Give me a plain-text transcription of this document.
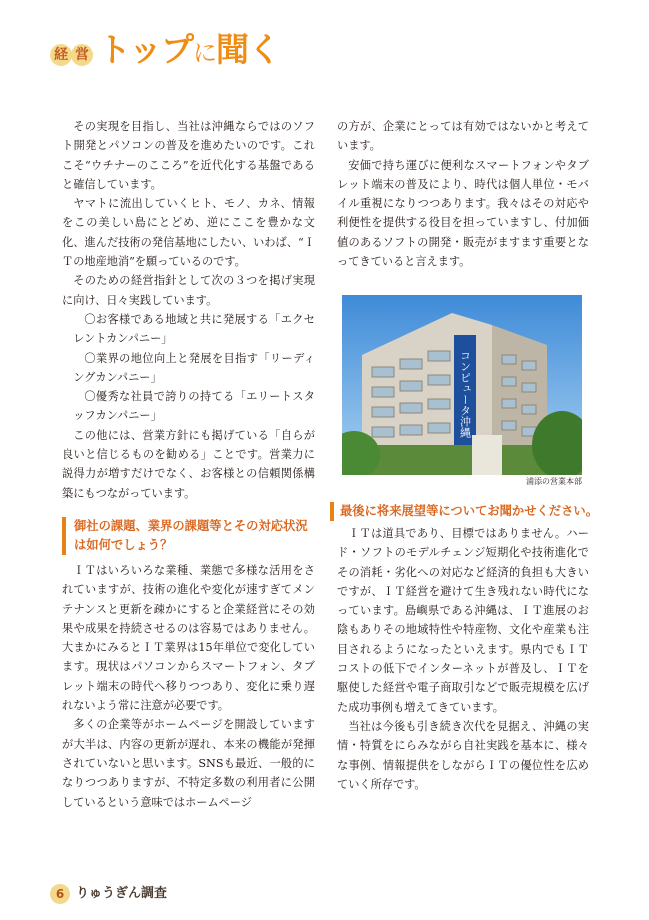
経 営 トップに聞く

その実現を目指し、当社は沖縄ならではのソフト開発とパソコンの普及を進めたいのです。これこそ“ウチナーのこころ”を近代化する基盤であると確信しています。

ヤマトに流出していくヒト、モノ、カネ、情報をこの美しい島にとどめ、逆にここを豊かな文化、進んだ技術の発信基地にしたい、いわば、“ＩＴの地産地消”を願っているのです。

そのための経営指針として次の３つを掲げ実現に向け、日々実践しています。

〇お客様である地域と共に発展する「エクセレントカンパニー」

〇業界の地位向上と発展を目指す「リーディングカンパニー」

〇優秀な社員で誇りの持てる「エリートスタッフカンパニー」

この他には、営業方針にも掲げている「自らが良いと信じるものを勧める」ことです。営業力に説得力が増すだけでなく、お客様との信頼関係構築にもつながっています。

御社の課題、業界の課題等とその対応状況は如何でしょう？

ＩＴはいろいろな業種、業態で多様な活用をされていますが、技術の進化や変化が速すぎてメンテナンスと更新を疎かにすると企業経営にその効果や成果を持続させるのは容易ではありません。大まかにみるとＩＴ業界は15年単位で変化しています。現状はパソコンからスマートフォン、タブレット端末の時代へ移りつつあり、変化に乗り遅れないよう常に注意が必要です。

多くの企業等がホームページを開設していますが大半は、内容の更新が遅れ、本来の機能が発揮されていないと思います。SNSも最近、一般的になりつつありますが、不特定多数の利用者に公開しているという意味ではホームページ

の方が、企業にとっては有効ではないかと考えています。

安価で持ち運びに便利なスマートフォンやタブレット端末の普及により、時代は個人単位・モバイル重視になりつつあります。我々はその対応や利便性を提供する役目を担っていますし、付加価値のあるソフトの開発・販売がますます重要となってきていると言えます。

コンピュータ沖縄
浦添の営業本部
最後に将来展望等についてお聞かせください。

ＩＴは道具であり、目標ではありません。ハード・ソフトのモデルチェンジ短期化や技術進化でその消耗・劣化への対応など経済的負担も大きいですが、ＩＴ経営を避けて生き残れない時代になっています。島嶼県である沖縄は、ＩＴ進展のお陰もありその地域特性や特産物、文化や産業も注目されるようになったといえます。県内でもＩＴコストの低下でインターネットが普及し、ＩＴを駆使した経営や電子商取引などで販売規模を広げた成功事例も増えてきています。

当社は今後も引き続き次代を見据え、沖縄の実情・特質をにらみながら自社実践を基本に、様々な事例、情報提供をしながらＩＴの優位性を広めていく所存です。

6 りゅうぎん調査
